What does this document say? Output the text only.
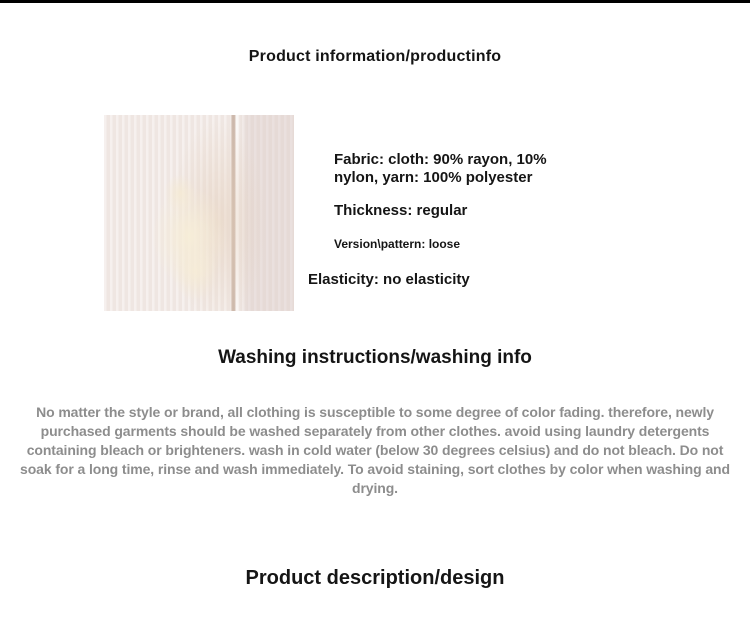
Product information/productinfo

Fabric: cloth: 90% rayon, 10% nylon, yarn: 100% polyester

Thickness: regular

Version\pattern: loose

Elasticity: no elasticity

Washing instructions/washing info

No matter the style or brand, all clothing is susceptible to some degree of color fading. therefore, newly purchased garments should be washed separately from other clothes. avoid using laundry detergents containing bleach or brighteners. wash in cold water (below 30 degrees celsius) and do not bleach. Do not soak for a long time, rinse and wash immediately. To avoid staining, sort clothes by color when washing and drying.

Product description/design
